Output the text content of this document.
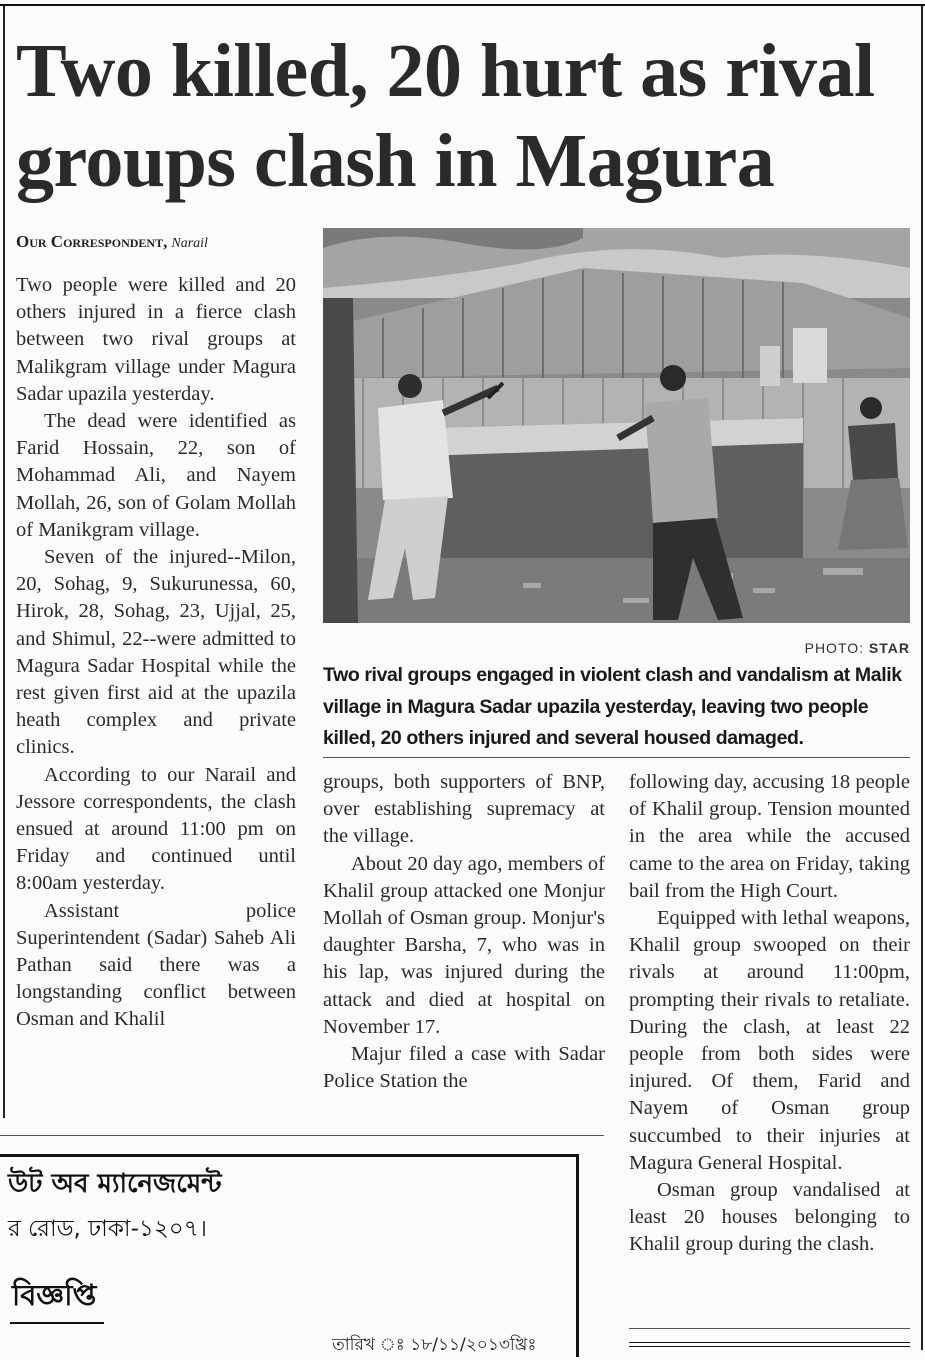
Two killed, 20 hurt as rival
groups clash in Magura
Our Correspondent, Narail

Two people were killed and 20 others injured in a fierce clash between two rival groups at Malikgram village under Magura Sadar upazila yesterday.

The dead were identified as Farid Hossain, 22, son of Mohammad Ali, and Nayem Mollah, 26, son of Golam Mollah of Manikgram village.

Seven of the injured--Milon, 20, Sohag, 9, Sukurunessa, 60, Hirok, 28, Sohag, 23, Ujjal, 25, and Shimul, 22--were admitted to Magura Sadar Hospital while the rest given first aid at the upazila heath complex and private clinics.

According to our Narail and Jessore correspondents, the clash ensued at around 11:00 pm on Friday and continued until 8:00am yesterday.

Assistant police Superintendent (Sadar) Saheb Ali Pathan said there was a longstanding conflict between Osman and Khalil

PHOTO: STAR
Two rival groups engaged in violent clash and vandalism at Malik village in Magura Sadar upazila yesterday, leaving two people killed, 20 others injured and several housed damaged.

groups, both supporters of BNP, over establishing supremacy at the village.

About 20 day ago, members of Khalil group attacked one Monjur Mollah of Osman group. Monjur's daughter Barsha, 7, who was in his lap, was injured during the attack and died at hospital on November 17.

Majur filed a case with Sadar Police Station the

following day, accusing 18 people of Khalil group. Tension mounted in the area while the accused came to the area on Friday, taking bail from the High Court.

Equipped with lethal weapons, Khalil group swooped on their rivals at around 11:00pm, prompting their rivals to retaliate. During the clash, at least 22 people from both sides were injured. Of them, Farid and Nayem of Osman group succumbed to their injuries at Magura General Hospital.

Osman group vandalised at least 20 houses belonging to Khalil group during the clash.

উট অব ম্যানেজমেন্ট
র রোড, ঢাকা-১২০৭।
বিজ্ঞপ্তি
তারিখ ঃ ১৮/১১/২০১৩খ্রিঃ
